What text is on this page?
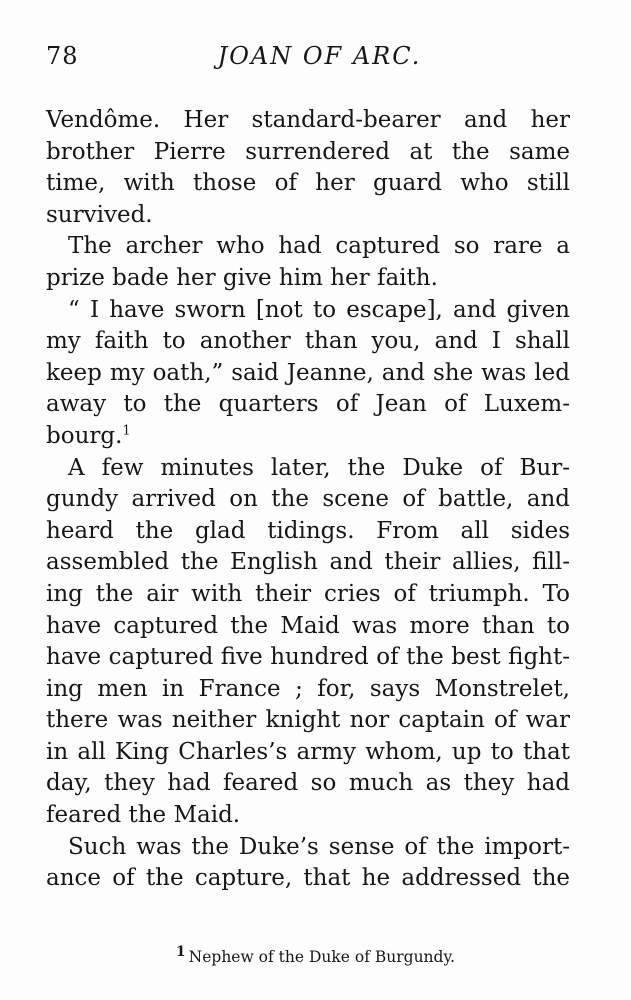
78	JOAN OF ARC.
Vendôme. Her standard-bearer and her
brother Pierre surrendered at the same
time, with those of her guard who still
survived.
The archer who had captured so rare a
prize bade her give him her faith.
“ I have sworn [not to escape], and given
my faith to another than you, and I shall
keep my oath,” said Jeanne, and she was led
away to the quarters of Jean of Luxem-
bourg.$^1$
A few minutes later, the Duke of Bur-
gundy arrived on the scene of battle, and
heard the glad tidings. From all sides
assembled the English and their allies, fill-
ing the air with their cries of triumph. To
have captured the Maid was more than to
have captured five hundred of the best fight-
ing men in France ; for, says Monstrelet,
there was neither knight nor captain of war
in all King Charles’s army whom, up to that
day, they had feared so much as they had
feared the Maid.
Such was the Duke’s sense of the import-
ance of the capture, that he addressed the
1 Nephew of the Duke of Burgundy.
